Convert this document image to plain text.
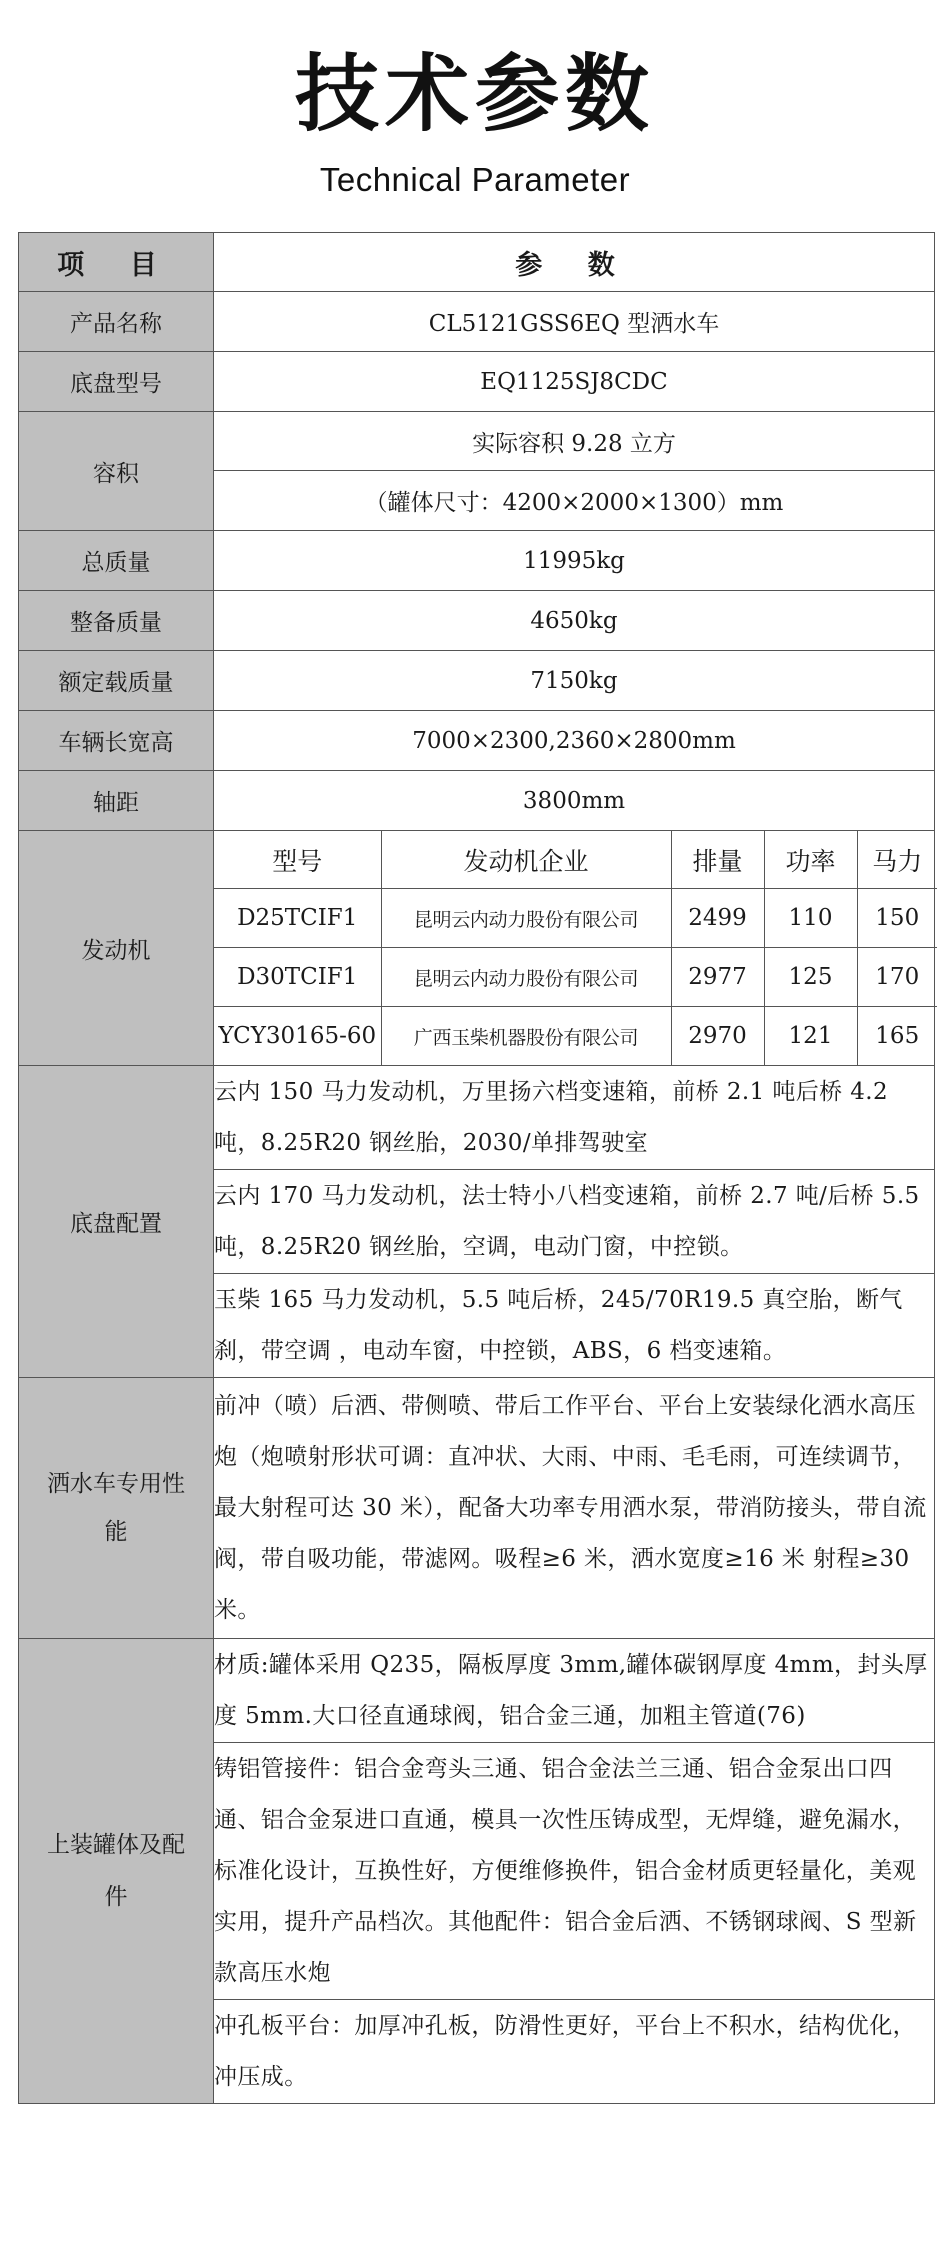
技术参数
Technical Parameter
项 目	参 数
产品名称	CL5121GSS6EQ 型洒水车
底盘型号	EQ1125SJ8CDC
容积	实际容积 9.28 立方
（罐体尺寸：4200×2000×1300）mm
总质量	11995kg
整备质量	4650kg
额定载质量	7150kg
车辆长宽高	7000×2300,2360×2800mm
轴距	3800mm
发动机	
型号	发动机企业	排量	功率	马力
D25TCIF1	昆明云内动力股份有限公司	2499	110	150
D30TCIF1	昆明云内动力股份有限公司	2977	125	170
YCY30165-60	广西玉柴机器股份有限公司	2970	121	165

底盘配置	云内 150 马力发动机，万里扬六档变速箱，前桥 2.1 吨后桥 4.2 吨，8.25R20 钢丝胎，2030/单排驾驶室
云内 170 马力发动机，法士特小八档变速箱，前桥 2.7 吨/后桥 5.5 吨，8.25R20 钢丝胎，空调，电动门窗，中控锁。
玉柴 165 马力发动机，5.5 吨后桥，245/70R19.5 真空胎，断气刹，带空调 ，电动车窗，中控锁，ABS，6 档变速箱。
洒水车专用性能	前冲（喷）后洒、带侧喷、带后工作平台、平台上安装绿化洒水高压炮（炮喷射形状可调：直冲状、大雨、中雨、毛毛雨，可连续调节，最大射程可达 30 米），配备大功率专用洒水泵，带消防接头，带自流阀，带自吸功能，带滤网。吸程≥6 米，洒水宽度≥16 米 射程≥30 米。
上装罐体及配件	材质:罐体采用 Q235，隔板厚度 3mm,罐体碳钢厚度 4mm，封头厚度 5mm.大口径直通球阀，铝合金三通，加粗主管道(76)
铸铝管接件：铝合金弯头三通、铝合金法兰三通、铝合金泵出口四通、铝合金泵进口直通，模具一次性压铸成型，无焊缝，避免漏水，标准化设计，互换性好，方便维修换件，铝合金材质更轻量化，美观实用，提升产品档次。其他配件：铝合金后洒、不锈钢球阀、S 型新款高压水炮
冲孔板平台：加厚冲孔板，防滑性更好，平台上不积水，结构优化，冲压成。
